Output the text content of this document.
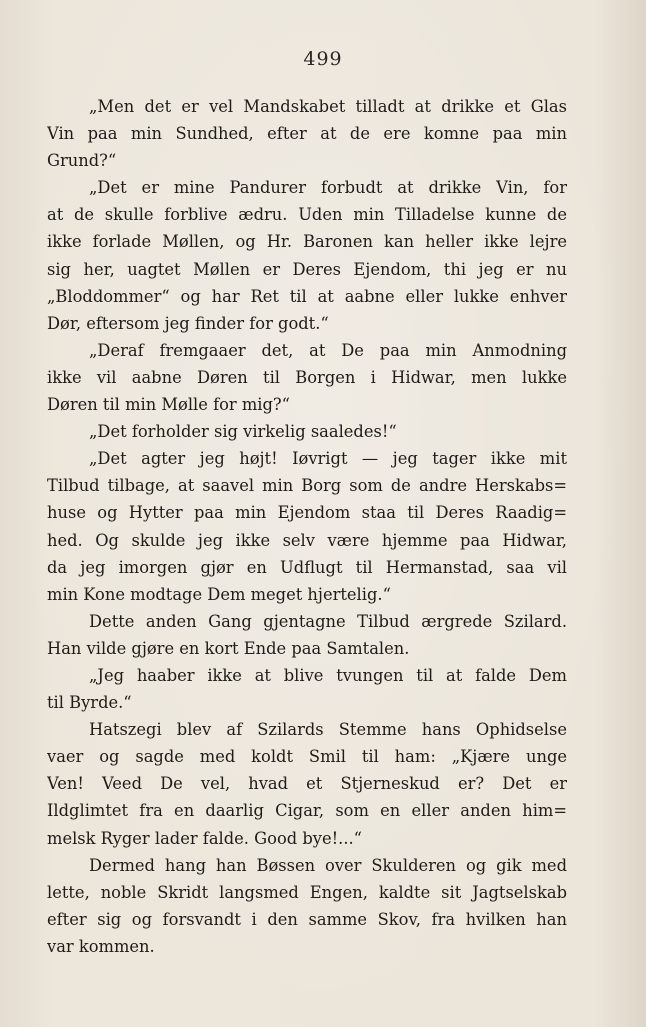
499
„Men det er vel Mandskabet tilladt at drikke et Glas
Vin paa min Sundhed, efter at de ere komne paa min
Grund?“
„Det er mine Pandurer forbudt at drikke Vin, for
at de skulle forblive ædru. Uden min Tilladelse kunne de
ikke forlade Møllen, og Hr. Baronen kan heller ikke lejre
sig her, uagtet Møllen er Deres Ejendom, thi jeg er nu
„Bloddommer“ og har Ret til at aabne eller lukke enhver
Dør, eftersom jeg finder for godt.“
„Deraf fremgaaer det, at De paa min Anmodning
ikke vil aabne Døren til Borgen i Hidwar, men lukke
Døren til min Mølle for mig?“
„Det forholder sig virkelig saaledes!“
„Det agter jeg højt! Iøvrigt — jeg tager ikke mit
Tilbud tilbage, at saavel min Borg som de andre Herskabs=
huse og Hytter paa min Ejendom staa til Deres Raadig=
hed. Og skulde jeg ikke selv være hjemme paa Hidwar,
da jeg imorgen gjør en Udflugt til Hermanstad, saa vil
min Kone modtage Dem meget hjertelig.“
Dette anden Gang gjentagne Tilbud ærgrede Szilard.
Han vilde gjøre en kort Ende paa Samtalen.
„Jeg haaber ikke at blive tvungen til at falde Dem
til Byrde.“
Hatszegi blev af Szilards Stemme hans Ophidselse
vaer og sagde med koldt Smil til ham: „Kjære unge
Ven! Veed De vel, hvad et Stjerneskud er? Det er
Ildglimtet fra en daarlig Cigar, som en eller anden him=
melsk Ryger lader falde. Good bye!...“
Dermed hang han Bøssen over Skulderen og gik med
lette, noble Skridt langsmed Engen, kaldte sit Jagtselskab
efter sig og forsvandt i den samme Skov, fra hvilken han
var kommen.
